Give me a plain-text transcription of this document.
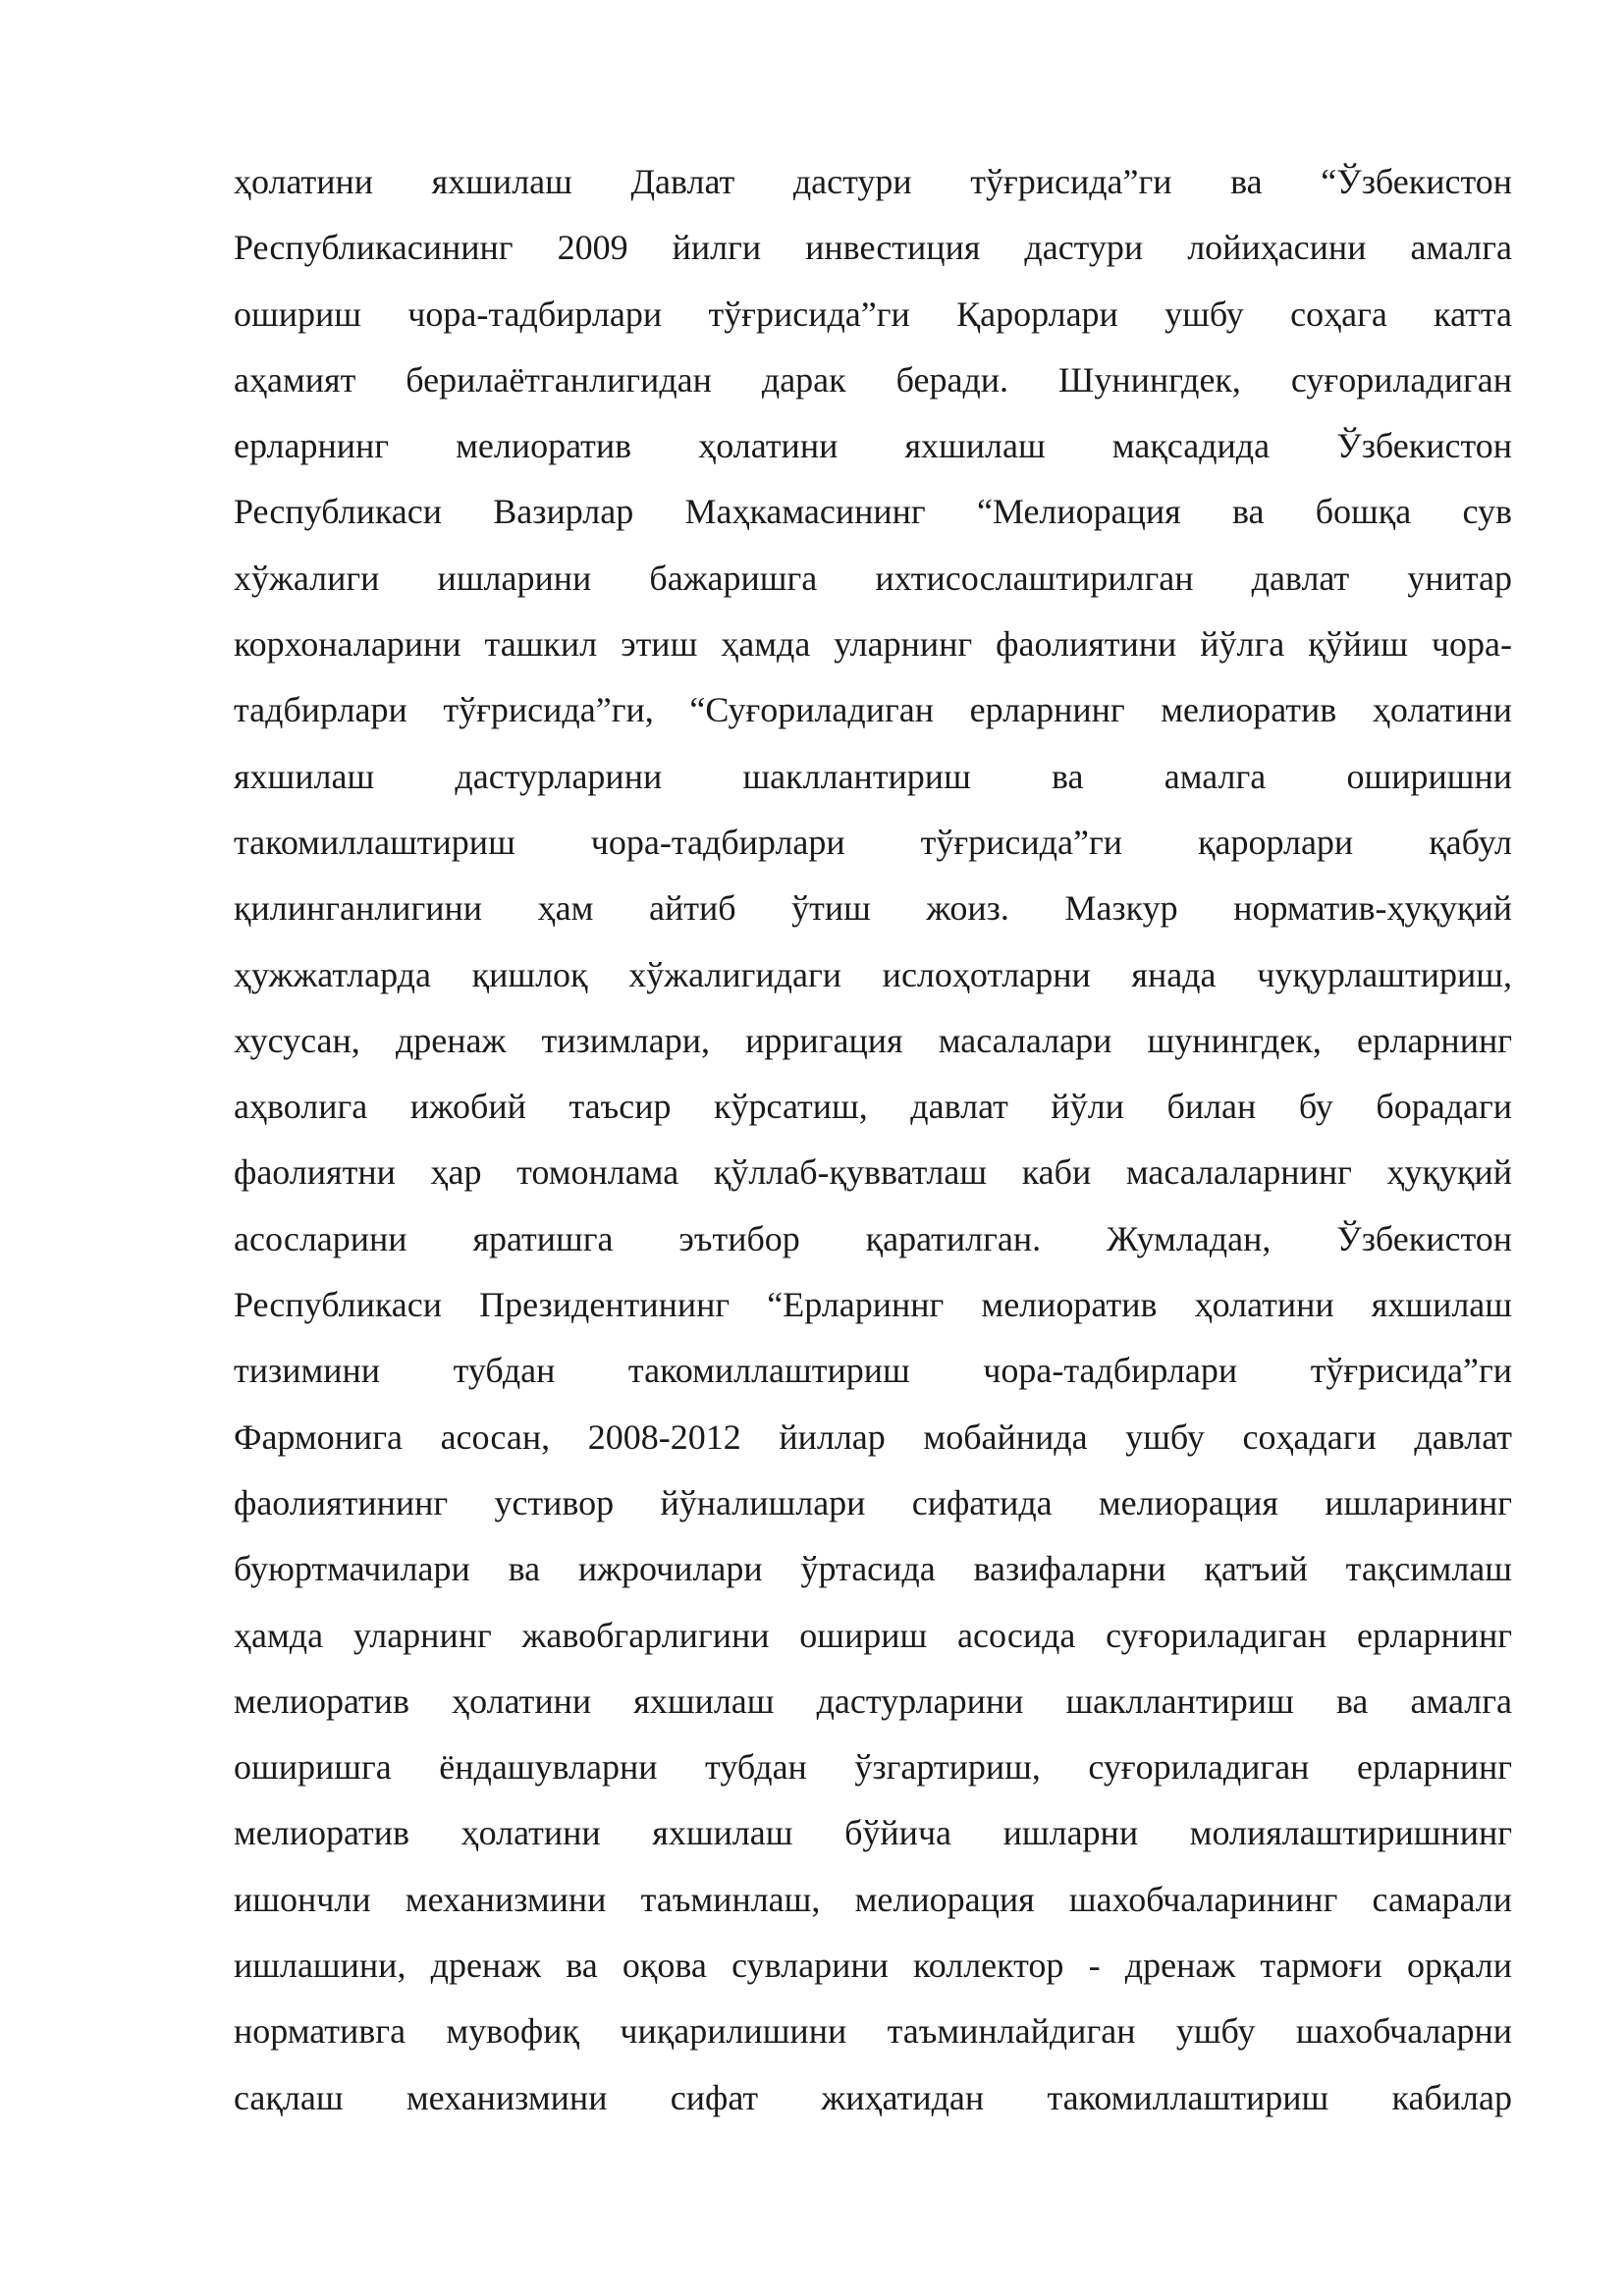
ҳолатини яхшилаш Давлат дастури тўғрисида”ги ва “Ўзбекистон
Республикасининг 2009 йилги инвестиция дастури лойиҳасини амалга
ошириш чора-тадбирлари тўғрисида”ги Қарорлари ушбу соҳага катта
аҳамият берилаётганлигидан дарак беради. Шунингдек, суғориладиган
ерларнинг мелиоратив ҳолатини яхшилаш мақсадида Ўзбекистон
Республикаси Вазирлар Маҳкамасининг “Мелиорация ва бошқа сув
хўжалиги ишларини бажаришга ихтисослаштирилган давлат унитар
корхоналарини ташкил этиш ҳамда уларнинг фаолиятини йўлга қўйиш чора-
тадбирлари тўғрисида”ги, “Суғориладиган ерларнинг мелиоратив ҳолатини
яхшилаш дастурларини шакллантириш ва амалга оширишни
такомиллаштириш чора-тадбирлари тўғрисида”ги қарорлари қабул
қилинганлигини ҳам айтиб ўтиш жоиз. Мазкур норматив-ҳуқуқий
ҳужжатларда қишлоқ хўжалигидаги ислоҳотларни янада чуқурлаштириш,
хусусан, дренаж тизимлари, ирригация масалалари шунингдек, ерларнинг
аҳволига ижобий таъсир кўрсатиш, давлат йўли билан бу борадаги
фаолиятни ҳар томонлама қўллаб-қувватлаш каби масалаларнинг ҳуқуқий
асосларини яратишга эътибор қаратилган. Жумладан, Ўзбекистон
Республикаси Президентининг “Ерлариннг мелиоратив ҳолатини яхшилаш
тизимини тубдан такомиллаштириш чора-тадбирлари тўғрисида”ги
Фармонига асосан, 2008-2012 йиллар мобайнида ушбу соҳадаги давлат
фаолиятининг устивор йўналишлари сифатида мелиорация ишларининг
буюртмачилари ва ижрочилари ўртасида вазифаларни қатъий тақсимлаш
ҳамда уларнинг жавобгарлигини ошириш асосида суғориладиган ерларнинг
мелиоратив ҳолатини яхшилаш дастурларини шакллантириш ва амалга
оширишга ёндашувларни тубдан ўзгартириш, суғориладиган ерларнинг
мелиоратив ҳолатини яхшилаш бўйича ишларни молиялаштиришнинг
ишончли механизмини таъминлаш, мелиорация шахобчаларининг самарали
ишлашини, дренаж ва оқова сувларини коллектор - дренаж тармоғи орқали
нормативга мувофиқ чиқарилишини таъминлайдиган ушбу шахобчаларни
сақлаш механизмини сифат жиҳатидан такомиллаштириш кабилар
